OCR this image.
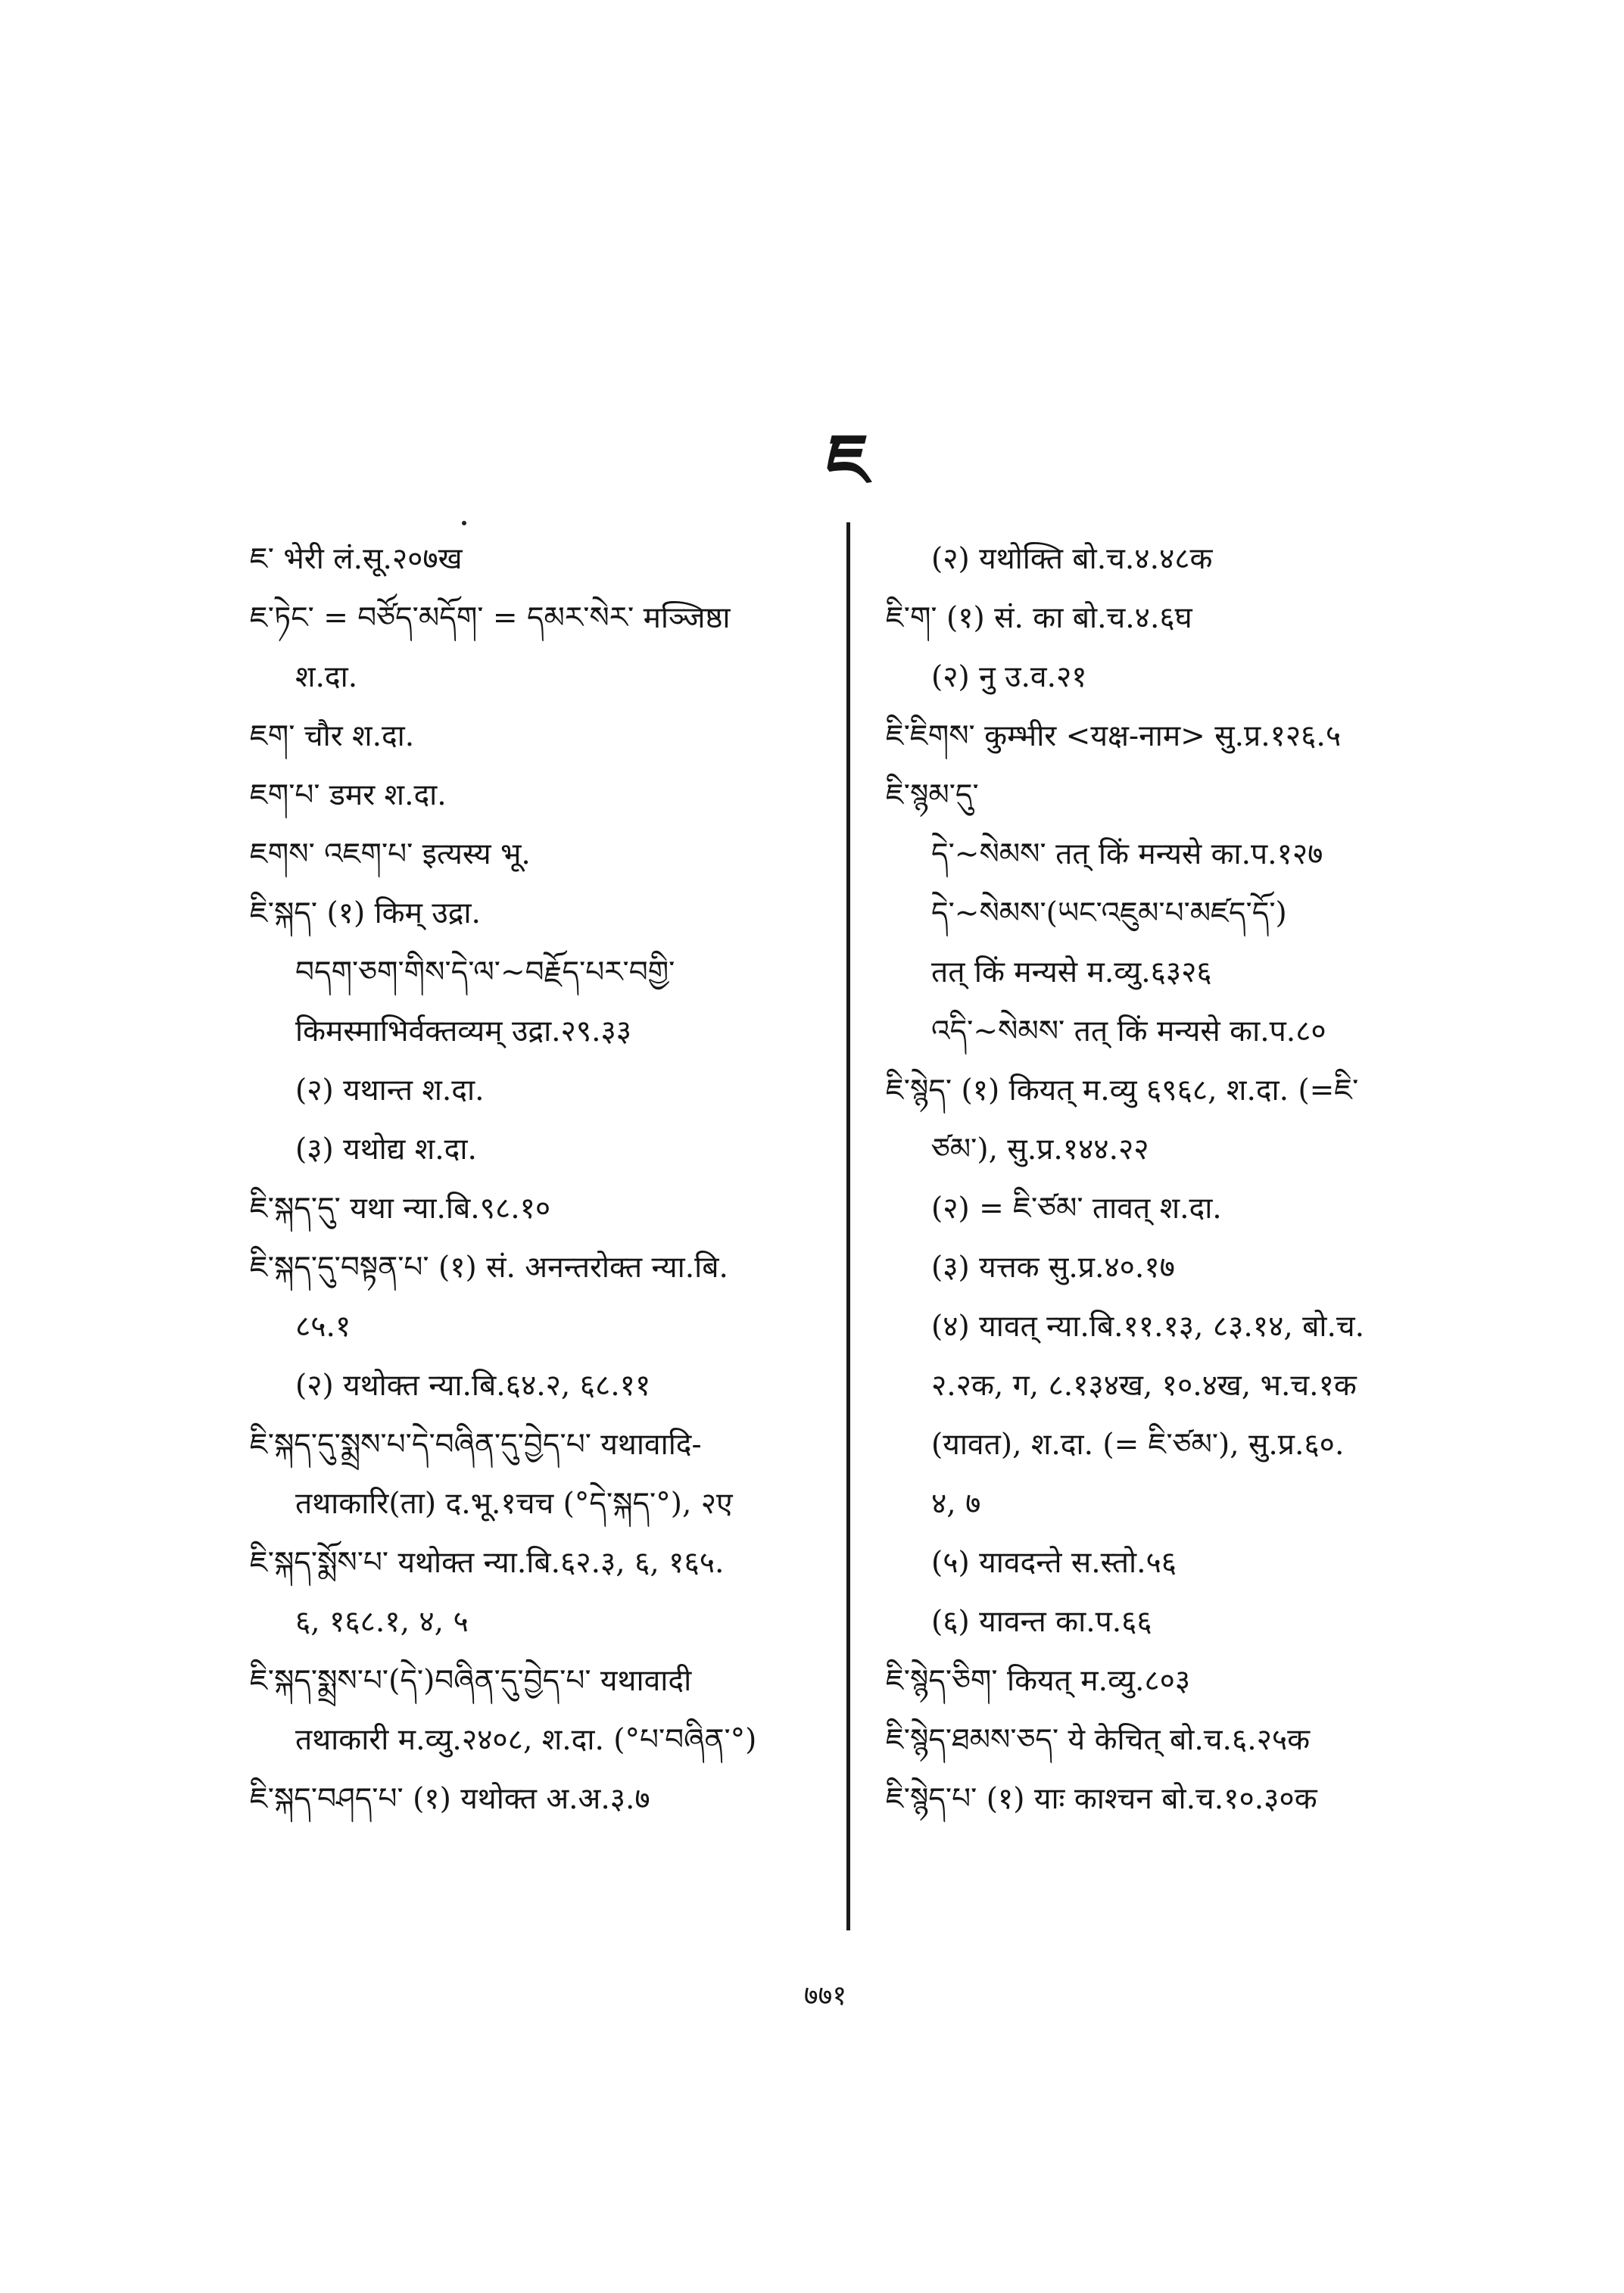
ཇ
ཇ་ भेरी लं.सू.२०७ख
ཇ་ཏེང་ = བཙོད་མདོག་ = དམར་སེར་ मञ्जिष्ठा
श.दा.
ཇག་ चौर श.दा.
ཇག་པ་ डमर श.दा.
ཇགས་ འཇག་པ་ इत्यस्य भू.
ཇི་སྐད་ (१) किम् उद्रा.
བདག་ཅག་གིས་དེ་ལ་~བརྗོད་པར་བགྱི་
किमस्माभिर्वक्तव्यम् उद्रा.२९.३३
(२) यथान्त श.दा.
(३) यथोद्य श.दा.
ཇི་སྐད་དུ་ यथा न्या.बि.९८.१०
ཇི་སྐད་དུ་བསྟན་པ་ (१) सं. अनन्तरोक्त न्या.बि.
८५.१
(२) यथोक्त न्या.बि.६४.२, ६८.११
ཇི་སྐད་དུ་སྨྲས་པ་དེ་བཞིན་དུ་བྱེད་པ་ यथावादि-
तथाकारि(ता) द.भू.१चच (°དེ་སྐད་°), २ए
ཇི་སྐད་སྨོས་པ་ यथोक्त न्या.बि.६२.३, ६, १६५.
६, १६८.१, ४, ५
ཇི་སྐད་སྨྲས་པ་(དེ་)བཞིན་དུ་བྱེད་པ་ यथावादी
तथाकारी म.व्यु.२४०८, श.दा. (°པ་བཞིན་°)
ཇི་སྐད་བཤད་པ་ (१) यथोक्त अ.अ.३.७
(२) यथोक्ति बो.च.४.४८क
ཇི་ག་ (१) सं. का बो.च.४.६घ
(२) नु उ.व.२१
ཇི་ཇིགས་ कुम्भीर <यक्ष-नाम> सु.प्र.१२६.५
ཇི་སྙམ་དུ་
དེ་~སེམས་ तत् किं मन्यसे का.प.१२७
དེ་~སེམས་(ཡང་འཇུམ་པ་མཛད་དོ་)
तत् किं मन्यसे म.व्यु.६३२६
འདི་~སེམས་ तत् किं मन्यसे का.प.८०
ཇི་སྙེད་ (१) कियत् म.व्यु ६९६८, श.दा. (=ཇི་
ཙམ་), सु.प्र.१४४.२२
(२) = ཇི་ཙམ་ तावत् श.दा.
(३) यत्तक सु.प्र.४०.१७
(४) यावत् न्या.बि.११.१३, ८३.१४, बो.च.
२.२क, ग, ८.१३४ख, १०.४ख, भ.च.१क
(यावत), श.दा. (= ཇི་ཙམ་), सु.प्र.६०.
४, ७
(५) यावदन्ते स.स्तो.५६
(६) यावन्त का.प.६६
ཇི་སྙེད་ཅིག་ कियत् म.व्यु.८०३
ཇི་སྙེད་ཐམས་ཅད་ ये केचित् बो.च.६.२५क
ཇི་སྙེད་པ་ (१) याः काश्चन बो.च.१०.३०क
७७१
